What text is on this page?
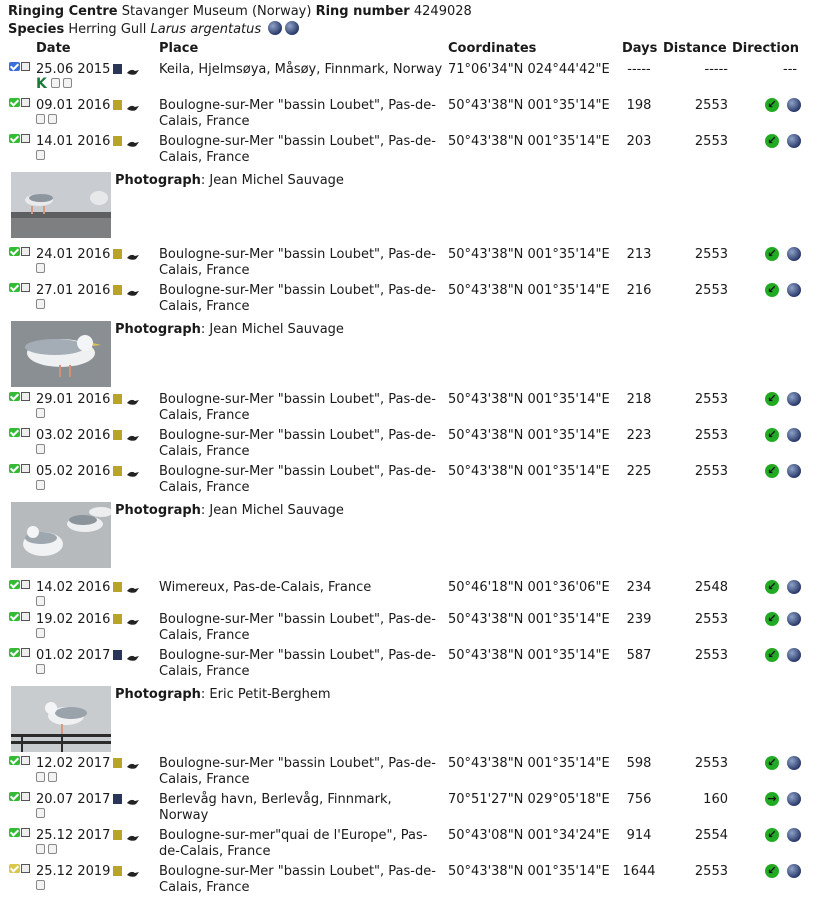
Ringing Centre Stavanger Museum (Norway) Ring number 4249028
Species Herring Gull Larus argentatus
Date	Place	Coordinates	Days Distance Direction
25.06 2015	Keila, Hjelmsøya, Måsøy, Finnmark, Norway 71°06'34"N 024°44'42"E	-----	-----	---
K
09.01 2016	Boulogne-sur-Mer "bassin Loubet", Pas-de-Calais, France
50°43'38"N 001°35'14"E	198	2553	↙
14.01 2016	Boulogne-sur-Mer "bassin Loubet", Pas-de-Calais, France
50°43'38"N 001°35'14"E	203	2553	↙
24.01 2016	Boulogne-sur-Mer "bassin Loubet", Pas-de-Calais, France
50°43'38"N 001°35'14"E	213	2553	↙
27.01 2016	Boulogne-sur-Mer "bassin Loubet", Pas-de-Calais, France
50°43'38"N 001°35'14"E	216	2553	↙
29.01 2016	Boulogne-sur-Mer "bassin Loubet", Pas-de-Calais, France
50°43'38"N 001°35'14"E	218	2553	↙
03.02 2016	Boulogne-sur-Mer "bassin Loubet", Pas-de-Calais, France
50°43'38"N 001°35'14"E	223	2553	↙
05.02 2016	Boulogne-sur-Mer "bassin Loubet", Pas-de-Calais, France
50°43'38"N 001°35'14"E	225	2553	↙
14.02 2016	Wimereux, Pas-de-Calais, France	50°46'18"N 001°36'06"E	234	2548	↙
19.02 2016	Boulogne-sur-Mer "bassin Loubet", Pas-de-Calais, France
50°43'38"N 001°35'14"E	239	2553	↙
01.02 2017	Boulogne-sur-Mer "bassin Loubet", Pas-de-Calais, France
50°43'38"N 001°35'14"E	587	2553	↙
12.02 2017	Boulogne-sur-Mer "bassin Loubet", Pas-de-Calais, France
50°43'38"N 001°35'14"E	598	2553	↙
20.07 2017	Berlevåg havn, Berlevåg, Finnmark, Norway
70°51'27"N 029°05'18"E	756	160	→
25.12 2017	Boulogne-sur-mer"quai de l'Europe", Pas-de-Calais, France
50°43'08"N 001°34'24"E	914	2554	↙
25.12 2019	Boulogne-sur-Mer "bassin Loubet", Pas-de-Calais, France
50°43'38"N 001°35'14"E 1644	2553	↙
Photograph: Jean Michel Sauvage
Photograph: Jean Michel Sauvage
Photograph: Jean Michel Sauvage
Photograph: Eric Petit-Berghem
